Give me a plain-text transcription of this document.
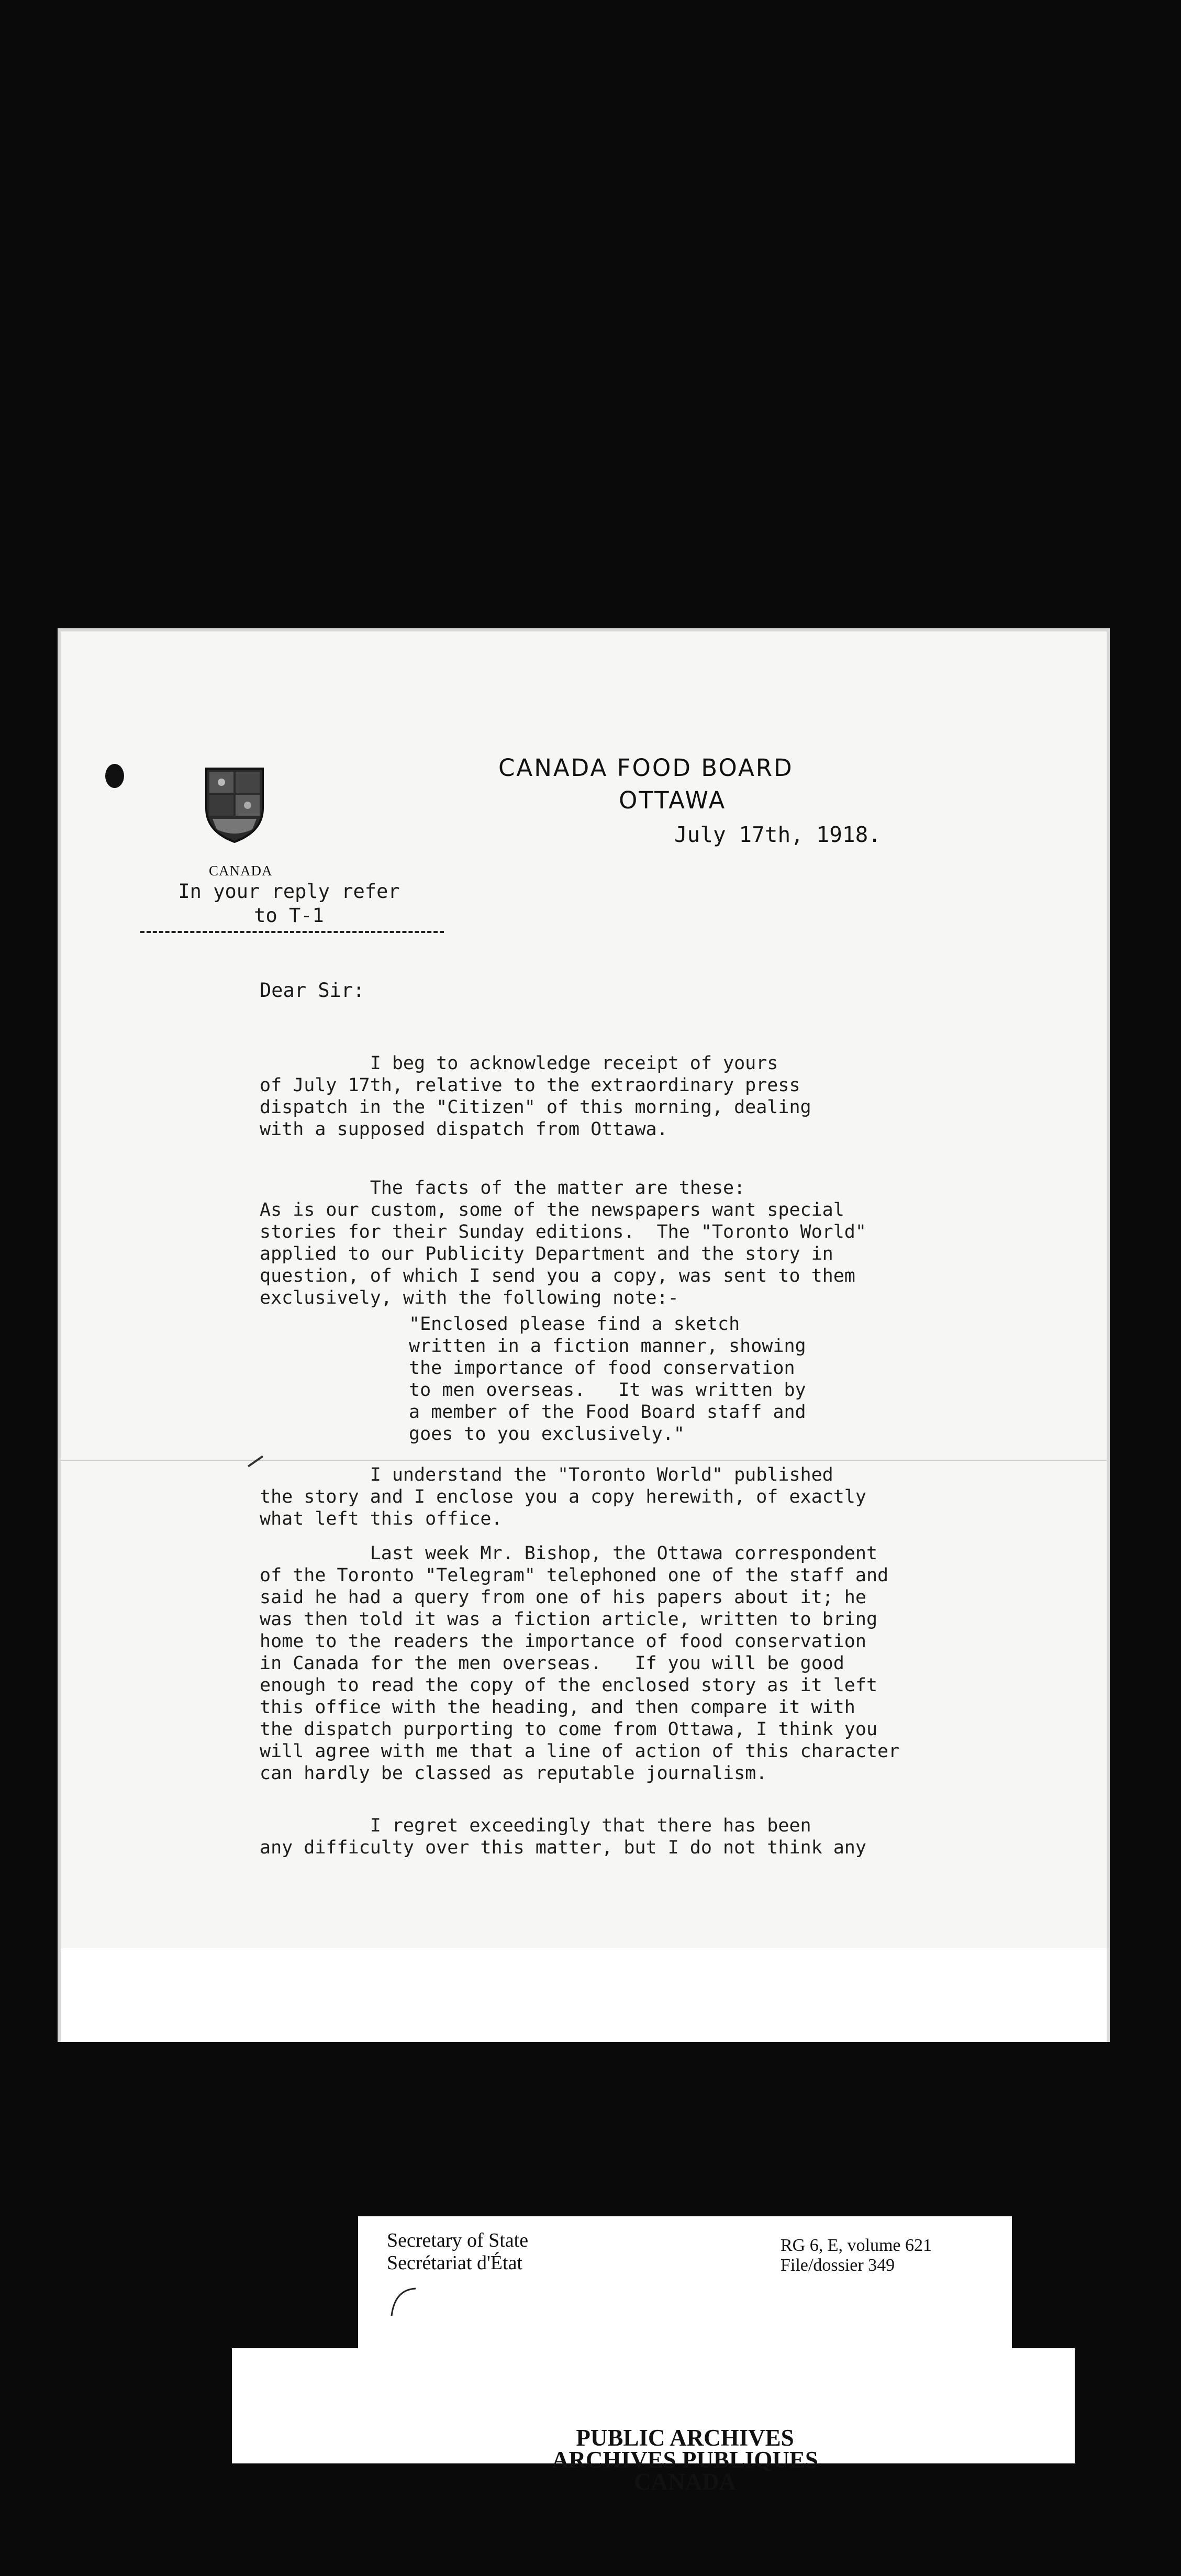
CANADA
In your reply refer
to T-1
CANADA FOOD BOARD
OTTAWA
July 17th, 1918.
Dear Sir:

I beg to acknowledge receipt of yours
of July 17th, relative to the extraordinary press
dispatch in the "Citizen" of this morning, dealing
with a supposed dispatch from Ottawa.

The facts of the matter are these:
As is our custom, some of the newspapers want special
stories for their Sunday editions.  The "Toronto World"
applied to our Publicity Department and the story in
question, of which I send you a copy, was sent to them
exclusively, with the following note:-

"Enclosed please find a sketch
written in a fiction manner, showing
the importance of food conservation
to men overseas.   It was written by
a member of the Food Board staff and
goes to you exclusively."

I understand the "Toronto World" published
the story and I enclose you a copy herewith, of exactly
what left this office.

Last week Mr. Bishop, the Ottawa correspondent
of the Toronto "Telegram" telephoned one of the staff and
said he had a query from one of his papers about it; he
was then told it was a fiction article, written to bring
home to the readers the importance of food conservation
in Canada for the men overseas.   If you will be good
enough to read the copy of the enclosed story as it left
this office with the heading, and then compare it with
the dispatch purporting to come from Ottawa, I think you
will agree with me that a line of action of this character
can hardly be classed as reputable journalism.

I regret exceedingly that there has been
any difficulty over this matter, but I do not think any

Secretary of State
Secrétariat d'État
RG 6, E, volume 621
File/dossier 349
PUBLIC ARCHIVES
ARCHIVES PUBLIQUES
CANADA
